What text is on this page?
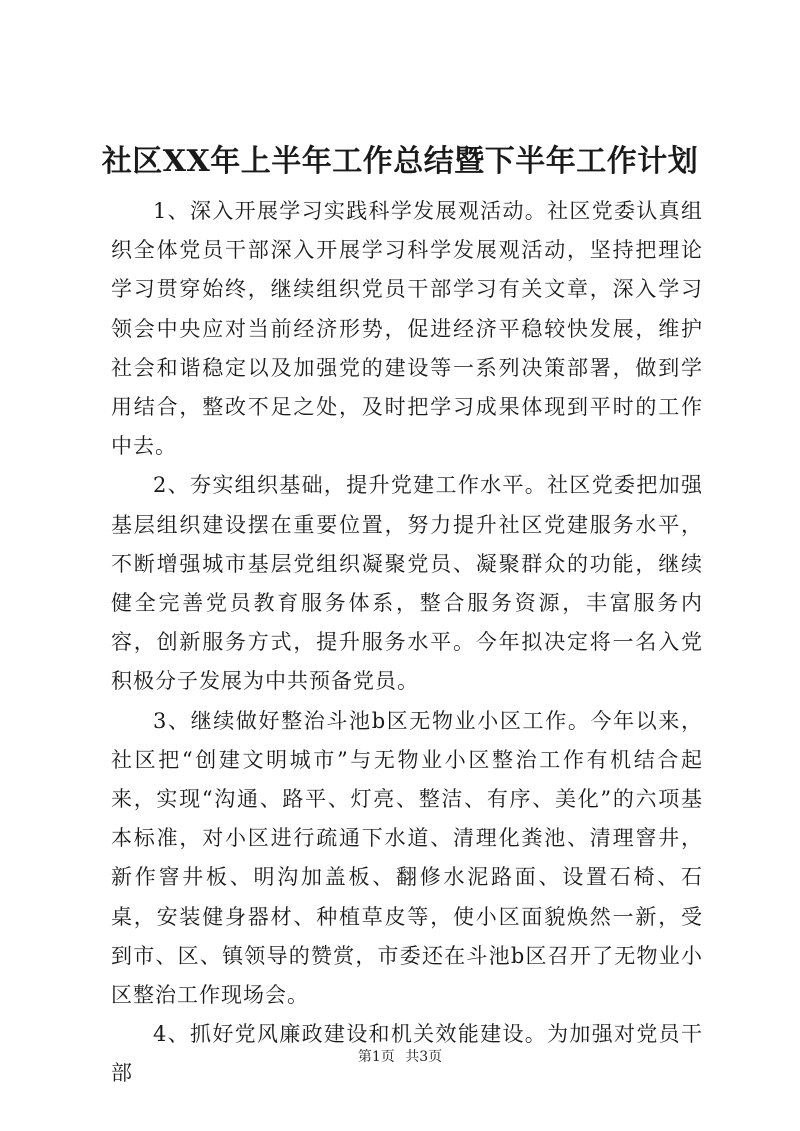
社区XX年上半年工作总结暨下半年工作计划

1、深入开展学习实践科学发展观活动。社区党委认真组织全体党员干部深入开展学习科学发展观活动，坚持把理论学习贯穿始终，继续组织党员干部学习有关文章，深入学习领会中央应对当前经济形势，促进经济平稳较快发展，维护社会和谐稳定以及加强党的建设等一系列决策部署，做到学用结合，整改不足之处，及时把学习成果体现到平时的工作中去。

2、夯实组织基础，提升党建工作水平。社区党委把加强基层组织建设摆在重要位置，努力提升社区党建服务水平，不断增强城市基层党组织凝聚党员、凝聚群众的功能，继续健全完善党员教育服务体系，整合服务资源，丰富服务内容，创新服务方式，提升服务水平。今年拟决定将一名入党积极分子发展为中共预备党员。

3、继续做好整治斗池b区无物业小区工作。今年以来，社区把“创建文明城市”与无物业小区整治工作有机结合起来，实现“沟通、路平、灯亮、整洁、有序、美化”的六项基本标准，对小区进行疏通下水道、清理化粪池、清理窨井，新作窨井板、明沟加盖板、翻修水泥路面、设置石椅、石桌，安装健身器材、种植草皮等，使小区面貌焕然一新，受到市、区、镇领导的赞赏，市委还在斗池b区召开了无物业小区整治工作现场会。

4、抓好党风廉政建设和机关效能建设。为加强对党员干部

第1页 共3页
